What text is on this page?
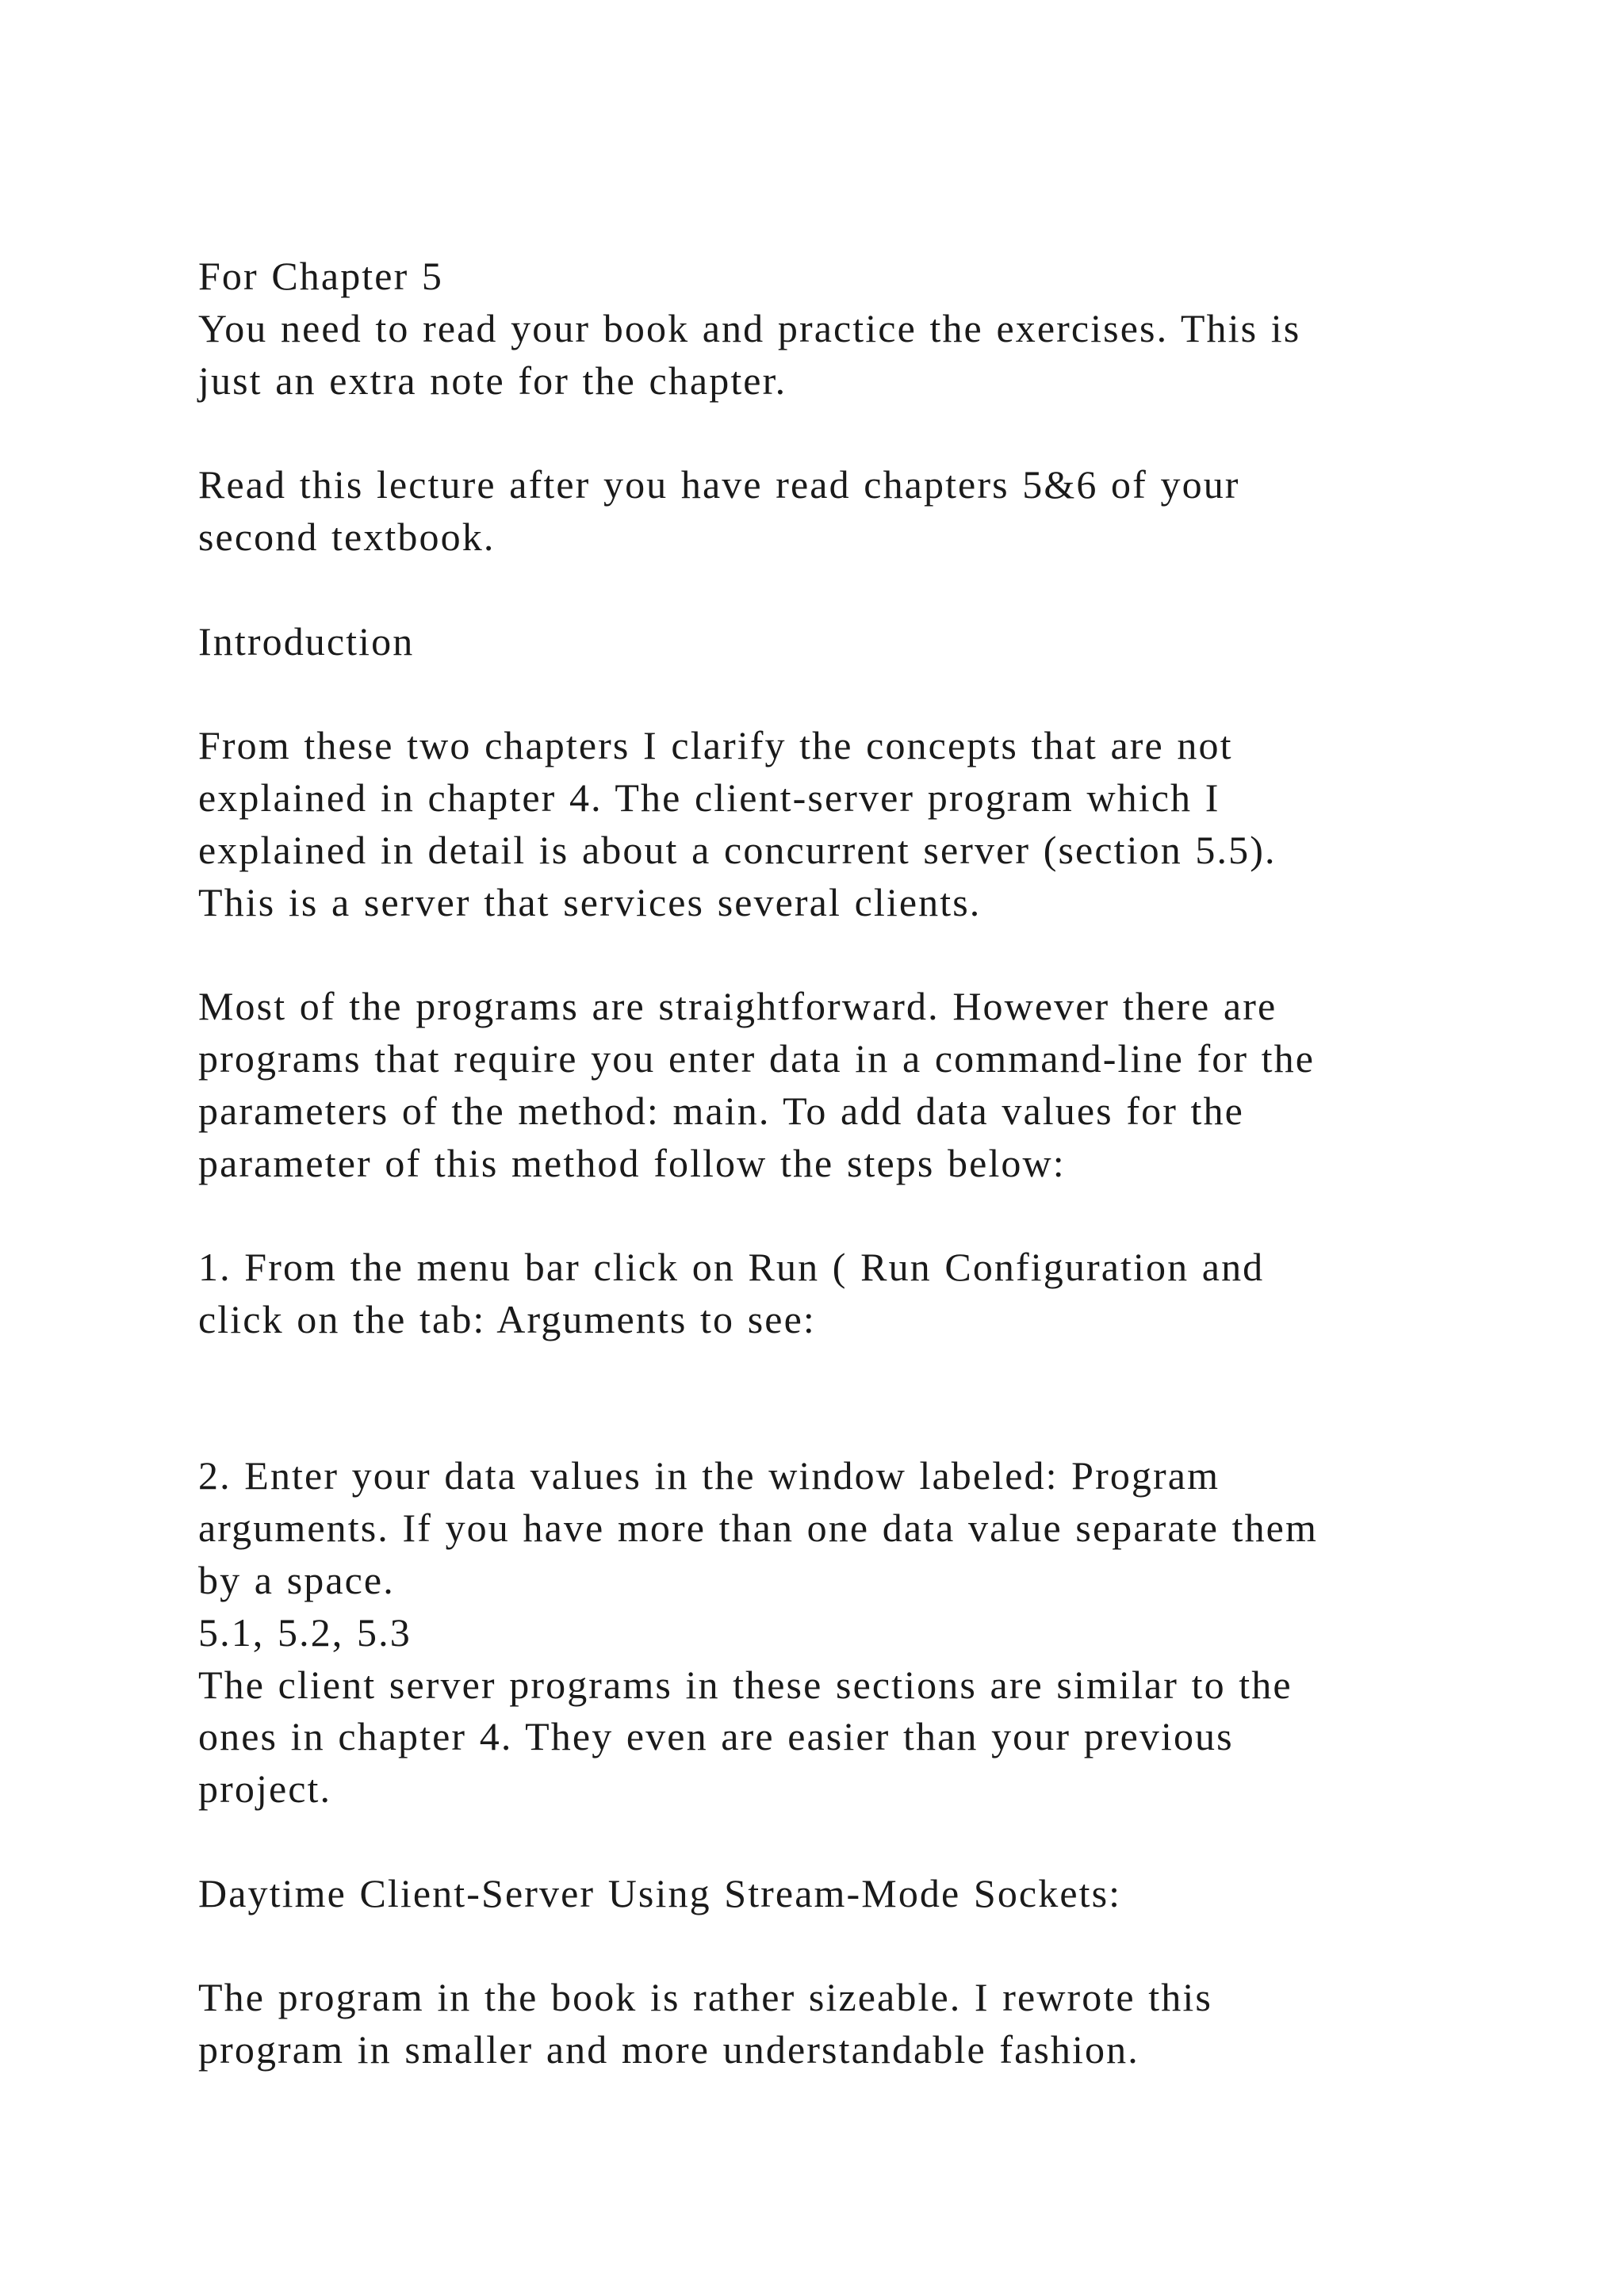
For Chapter 5
You need to read your book and practice the exercises. This is
just an extra note for the chapter.
Read this lecture after you have read chapters 5&6 of your
second textbook.
Introduction
From these two chapters I clarify the concepts that are not
explained in chapter 4. The client-server program which I
explained in detail is about a concurrent server (section 5.5).
This is a server that services several clients.
Most of the programs are straightforward. However there are
programs that require you enter data in a command-line for the
parameters of the method: main. To add data values for the
parameter of this method follow the steps below:
1. From the menu bar click on Run ( Run Configuration and
click on the tab: Arguments to see:
2. Enter your data values in the window labeled: Program
arguments. If you have more than one data value separate them
by a space.
5.1, 5.2, 5.3
The client server programs in these sections are similar to the
ones in chapter 4. They even are easier than your previous
project.
Daytime Client-Server Using Stream-Mode Sockets:
The program in the book is rather sizeable. I rewrote this
program in smaller and more understandable fashion.
